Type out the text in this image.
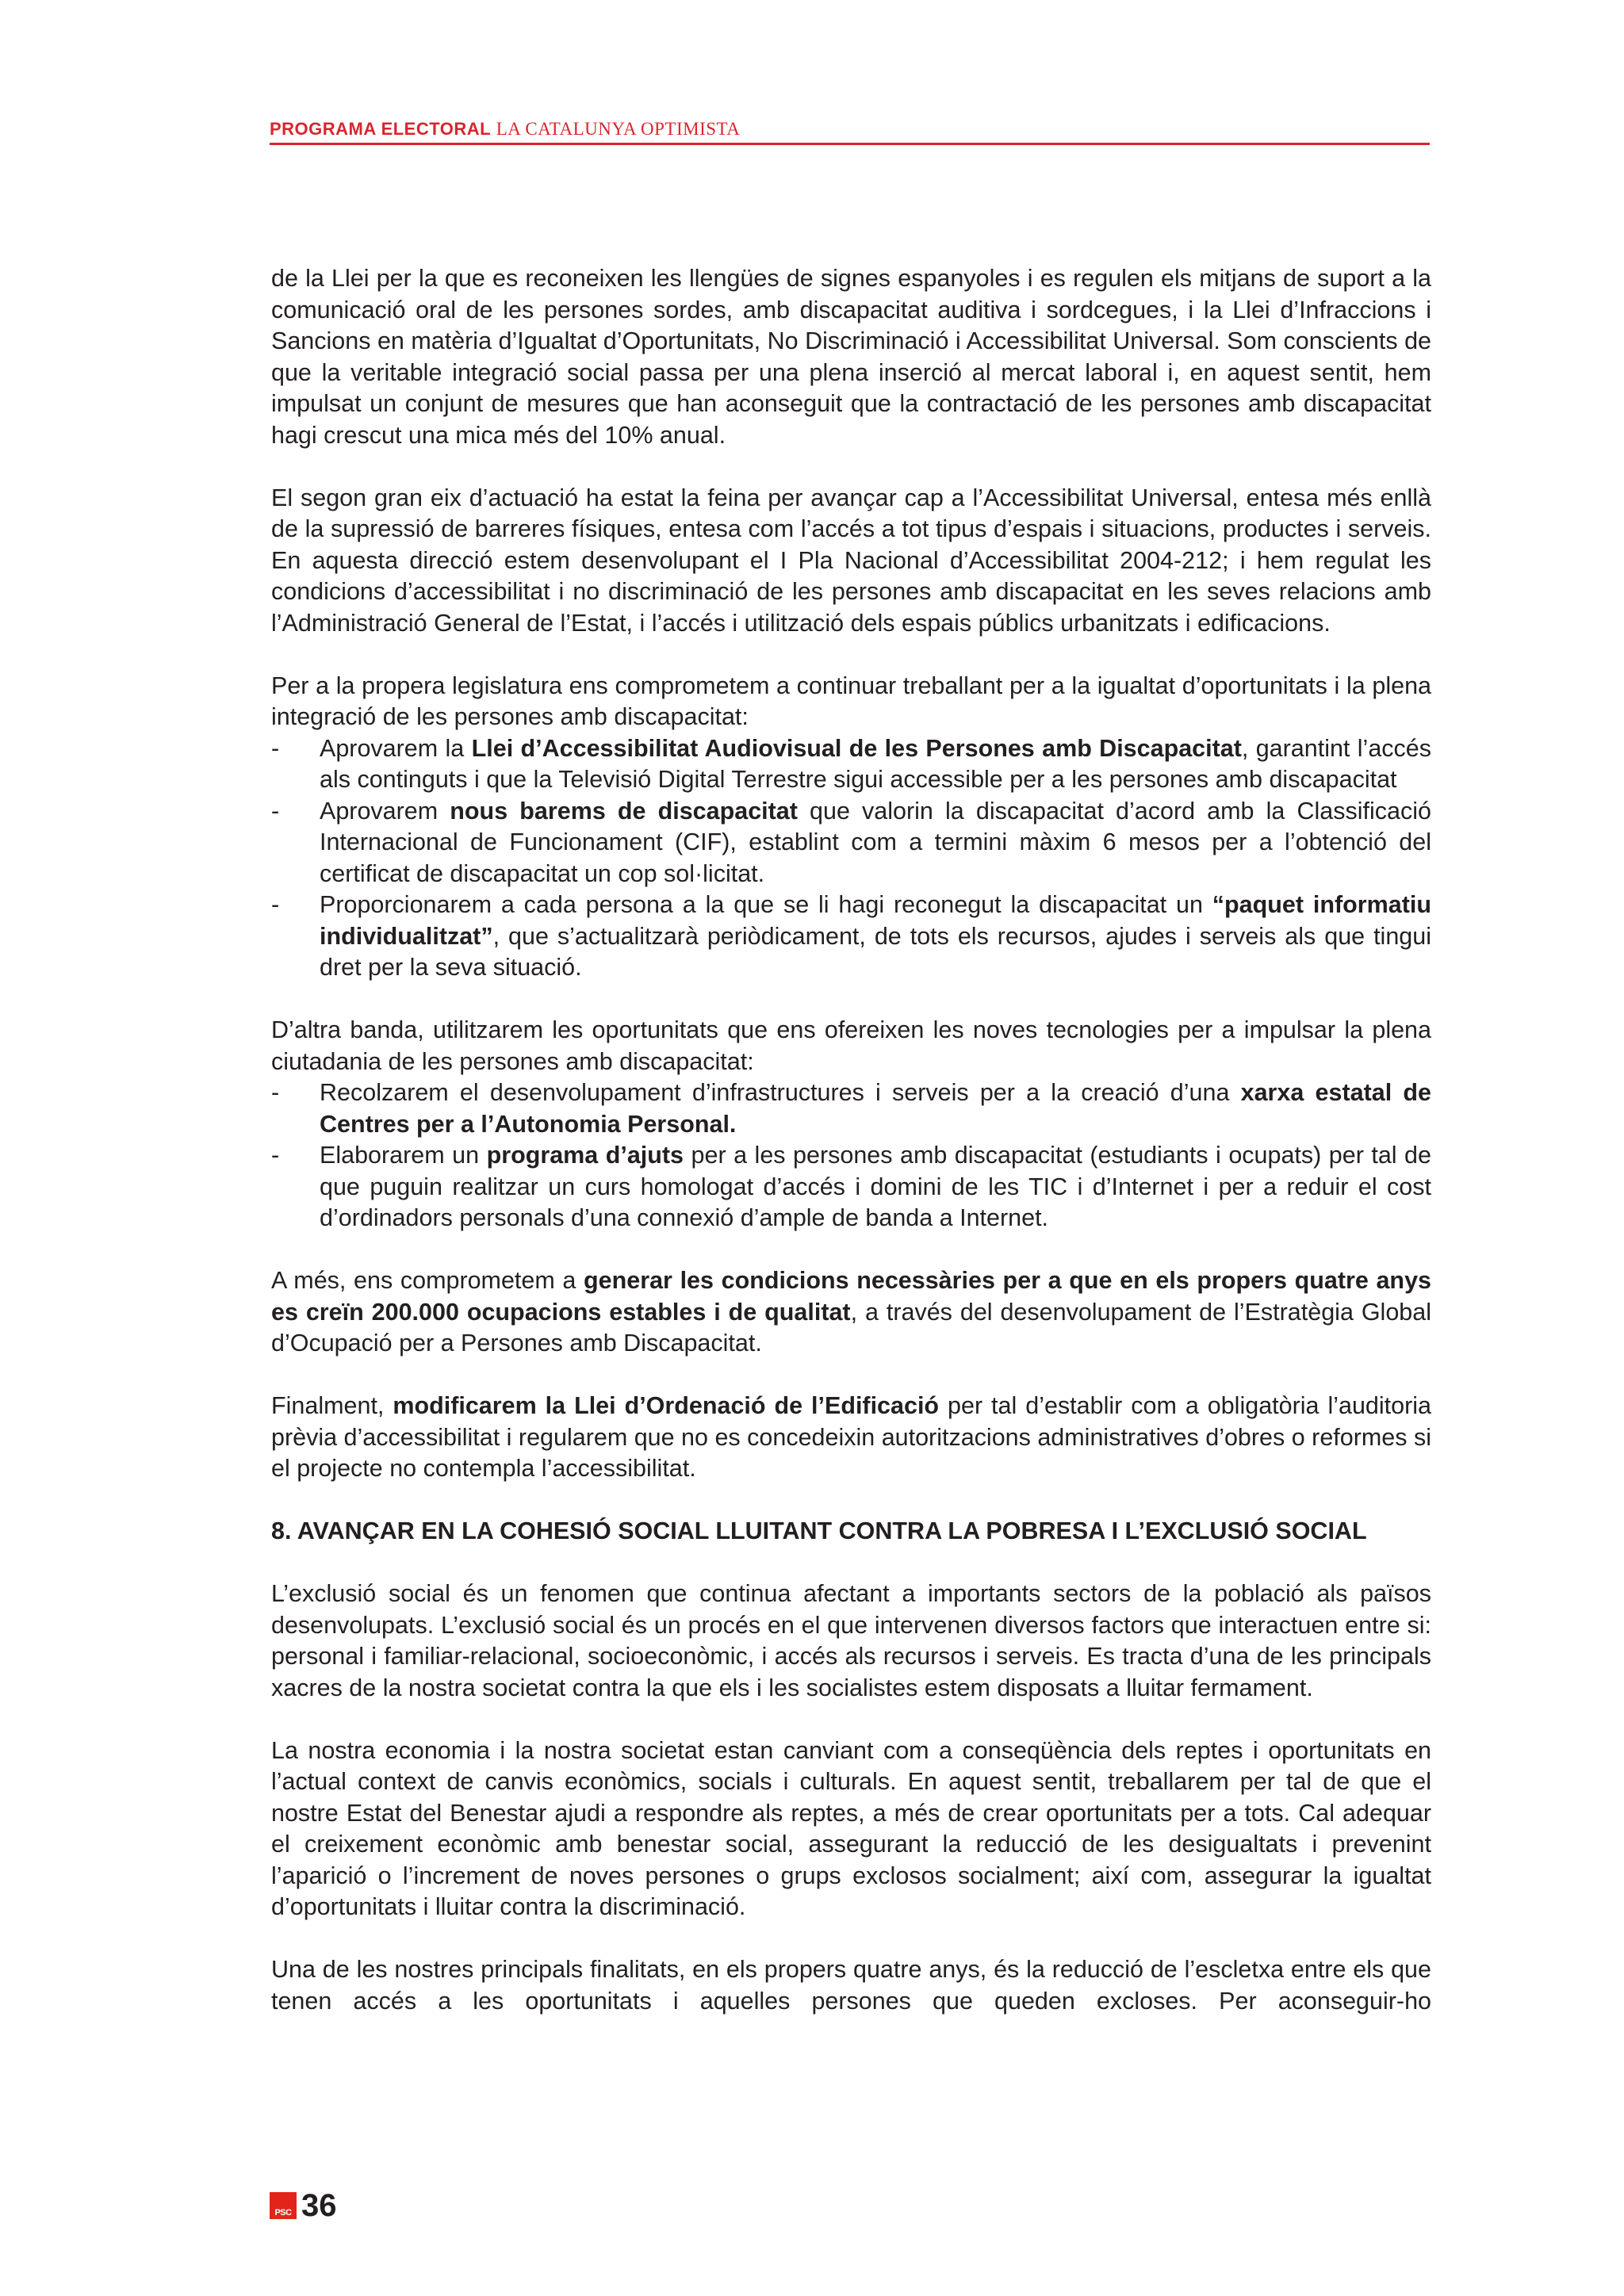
PROGRAMA ELECTORAL LA CATALUNYA OPTIMISTA

de la Llei per la que es reconeixen les llengües de signes espanyoles i es regulen els mitjans de suport a la comunicació oral de les persones sordes, amb discapacitat auditiva i sordcegues, i la Llei d’Infraccions i Sancions en matèria d’Igualtat d’Oportunitats, No Discriminació i Accessibilitat Universal. Som conscients de que la veritable integració social passa per una plena inserció al mercat laboral i, en aquest sentit, hem impulsat un conjunt de mesures que han aconseguit que la contractació de les persones amb discapacitat hagi crescut una mica més del 10% anual.

El segon gran eix d’actuació ha estat la feina per avançar cap a l’Accessibilitat Universal, entesa més enllà de la supressió de barreres físiques, entesa com l’accés a tot tipus d’espais i situacions, productes i serveis. En aquesta direcció estem desenvolupant el I Pla Nacional d’Accessibilitat 2004-212; i hem regulat les condicions d’accessibilitat i no discriminació de les persones amb discapacitat en les seves relacions amb l’Administració General de l’Estat, i l’accés i utilització dels espais públics urbanitzats i edificacions.

Per a la propera legislatura ens comprometem a continuar treballant per a la igualtat d’oportunitats i la plena integració de les persones amb discapacitat:

- Aprovarem la Llei d’Accessibilitat Audiovisual de les Persones amb Discapacitat, garantint l’accés als continguts i que la Televisió Digital Terrestre sigui accessible per a les persones amb discapacitat
- Aprovarem nous barems de discapacitat que valorin la discapacitat d’acord amb la Classificació Internacional de Funcionament (CIF), establint com a termini màxim 6 mesos per a l’obtenció del certificat de discapacitat un cop sol·licitat.
- Proporcionarem a cada persona a la que se li hagi reconegut la discapacitat un “paquet informatiu individualitzat”, que s’actualitzarà periòdicament, de tots els recursos, ajudes i serveis als que tingui dret per la seva situació.

D’altra banda, utilitzarem les oportunitats que ens ofereixen les noves tecnologies per a impulsar la plena ciutadania de les persones amb discapacitat:

- Recolzarem el desenvolupament d’infrastructures i serveis per a la creació d’una xarxa estatal de Centres per a l’Autonomia Personal.
- Elaborarem un programa d’ajuts per a les persones amb discapacitat (estudiants i ocupats) per tal de que puguin realitzar un curs homologat d’accés i domini de les TIC i d’Internet i per a reduir el cost d’ordinadors personals d’una connexió d’ample de banda a Internet.

A més, ens comprometem a generar les condicions necessàries per a que en els propers quatre anys es creïn 200.000 ocupacions estables i de qualitat, a través del desenvolupament de l’Estratègia Global d’Ocupació per a Persones amb Discapacitat.

Finalment, modificarem la Llei d’Ordenació de l’Edificació per tal d’establir com a obligatòria l’auditoria prèvia d’accessibilitat i regularem que no es concedeixin autoritzacions administratives d’obres o reformes si el projecte no contempla l’accessibilitat.

8. AVANÇAR EN LA COHESIÓ SOCIAL LLUITANT CONTRA LA POBRESA I L’EXCLUSIÓ SOCIAL

L’exclusió social és un fenomen que continua afectant a importants sectors de la població als països desenvolupats. L’exclusió social és un procés en el que intervenen diversos factors que interactuen entre si: personal i familiar-relacional, socioeconòmic, i accés als recursos i serveis. Es tracta d’una de les principals xacres de la nostra societat contra la que els i les socialistes estem disposats a lluitar fermament.

La nostra economia i la nostra societat estan canviant com a conseqüència dels reptes i oportunitats en l’actual context de canvis econòmics, socials i culturals. En aquest sentit, treballarem per tal de que el nostre Estat del Benestar ajudi a respondre als reptes, a més de crear oportunitats per a tots. Cal adequar el creixement econòmic amb benestar social, assegurant la reducció de les desigualtats i prevenint l’aparició o l’increment de noves persones o grups exclosos socialment; així com, assegurar la igualtat d’oportunitats i lluitar contra la discriminació.

Una de les nostres principals finalitats, en els propers quatre anys, és la reducció de l’escletxa entre els que tenen accés a les oportunitats i aquelles persones que queden excloses. Per aconseguir-ho

PSC 36
